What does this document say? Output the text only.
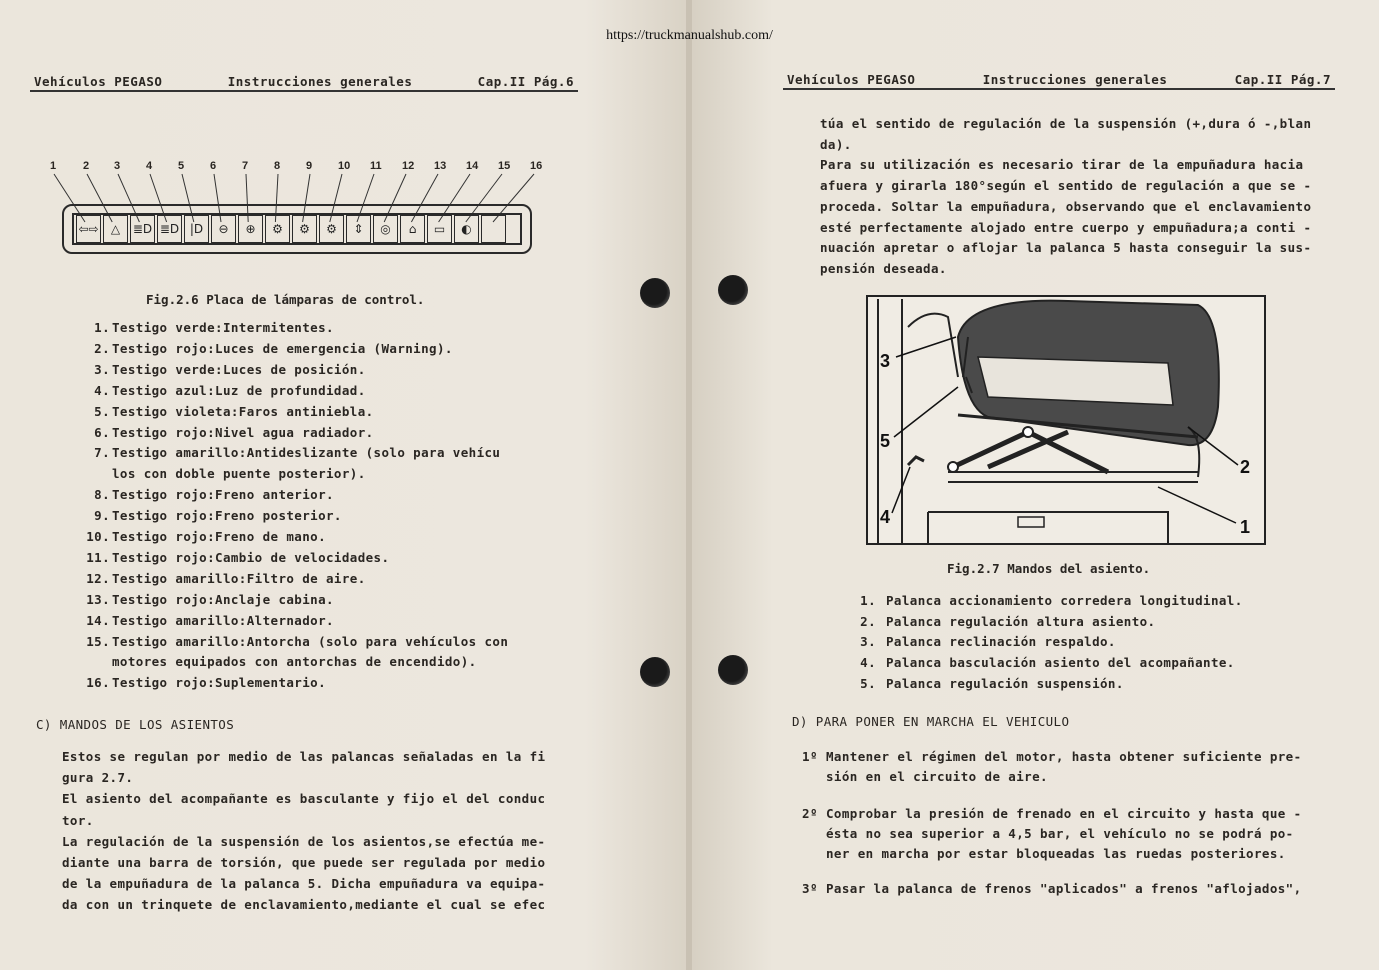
https://truckmanualshub.com/
Vehículos PEGASO	Instrucciones generales	Cap.II Pág.6
1 2 3 4 5 6 7 8 9 10 11 12 13 14 15 16
⇦⇨	△	≣D ≣D |D	⊖	⊕	⚙	⚙	⚙	⇕	◎	⌂	▭	◐
Fig.2.6 Placa de lámparas de control.
1. Testigo verde:Intermitentes.
2. Testigo rojo:Luces de emergencia (Warning).
3. Testigo verde:Luces de posición.
4. Testigo azul:Luz de profundidad.
5. Testigo violeta:Faros antiniebla.
6. Testigo rojo:Nivel agua radiador.
7. Testigo amarillo:Antideslizante (solo para vehícu
los con doble puente posterior).
8. Testigo rojo:Freno anterior.
9. Testigo rojo:Freno posterior.
10. Testigo rojo:Freno de mano.
11. Testigo rojo:Cambio de velocidades.
12. Testigo amarillo:Filtro de aire.
13. Testigo rojo:Anclaje cabina.
14. Testigo amarillo:Alternador.
15. Testigo amarillo:Antorcha (solo para vehículos con
motores equipados con antorchas de encendido).
16. Testigo rojo:Suplementario.
C) MANDOS DE LOS ASIENTOS
Estos se regulan por medio de las palancas señaladas en la fi
gura 2.7.
El asiento del acompañante es basculante y fijo el del conduc
tor.
La regulación de la suspensión de los asientos,se efectúa me-
diante una barra de torsión, que puede ser regulada por medio
de la empuñadura de la palanca 5. Dicha empuñadura va equipa-
da con un trinquete de enclavamiento,mediante el cual se efec
Vehículos PEGASO	Instrucciones generales	Cap.II Pág.7
túa el sentido de regulación de la suspensión (+,dura ó -,blan
da).
Para su utilización es necesario tirar de la empuñadura hacia
afuera y girarla 180°según el sentido de regulación a que se -
proceda. Soltar la empuñadura, observando que el enclavamiento
esté perfectamente alojado entre cuerpo y empuñadura;a conti -
nuación apretar o aflojar la palanca 5 hasta conseguir la sus-
pensión deseada.
3
5
4
2
1
Fig.2.7 Mandos del asiento.
1. Palanca accionamiento corredera longitudinal.
2. Palanca regulación altura asiento.
3. Palanca reclinación respaldo.
4. Palanca basculación asiento del acompañante.
5. Palanca regulación suspensión.
D) PARA PONER EN MARCHA EL VEHICULO
1º Mantener el régimen del motor, hasta obtener suficiente pre-
sión en el circuito de aire.
2º Comprobar la presión de frenado en el circuito y hasta que -
ésta no sea superior a 4,5 bar, el vehículo no se podrá po-
ner en marcha por estar bloqueadas las ruedas posteriores.
3º Pasar la palanca de frenos "aplicados" a frenos "aflojados",
